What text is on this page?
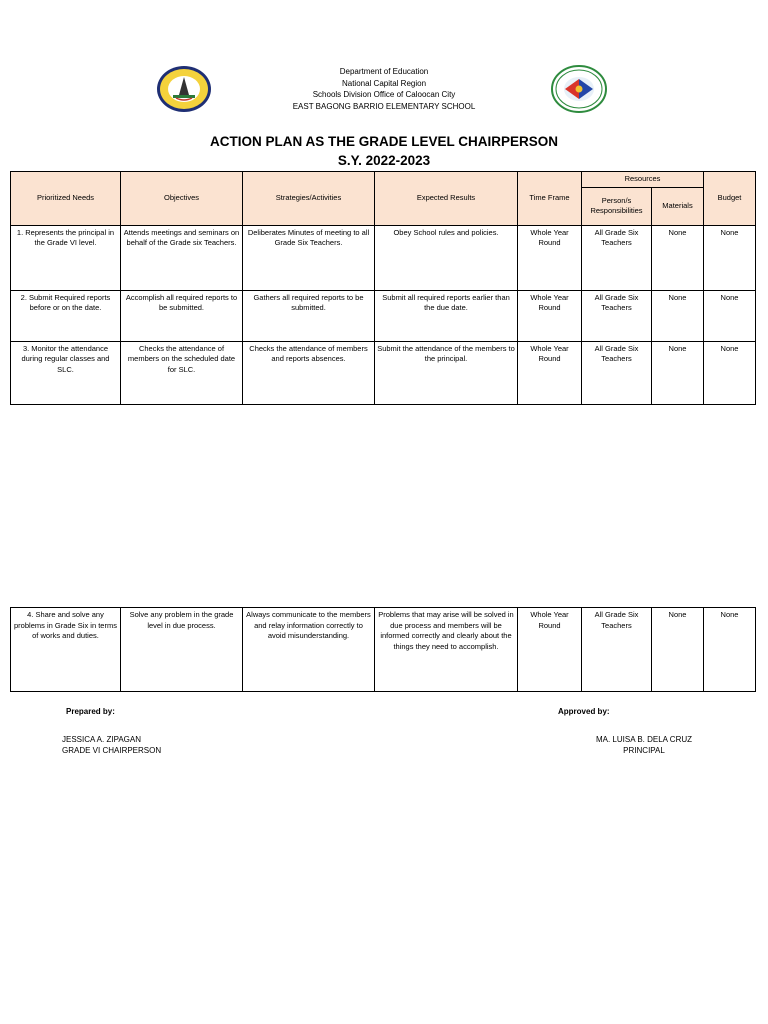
Department of Education
National Capital Region
Schools Division Office of Caloocan City
EAST BAGONG BARRIO ELEMENTARY SCHOOL
ACTION PLAN AS THE GRADE LEVEL CHAIRPERSON
S.Y. 2022-2023
Prioritized Needs	Objectives	Strategies/Activities	Expected Results	Time Frame	Resources		Budget
					Person/s Responsibilities	Materials	
1. Represents the principal in the Grade VI level.	Attends meetings and seminars on behalf of the Grade six Teachers.	Deliberates Minutes of meeting to all Grade Six Teachers.	Obey School rules and policies.	Whole Year Round	All Grade Six Teachers	None	None
2. Submit Required reports before or on the date.	Accomplish all required reports to be submitted.	Gathers all required reports to be submitted.	Submit all required reports earlier than the due date.	Whole Year Round	All Grade Six Teachers	None	None
3. Monitor the attendance during regular classes and SLC.	Checks the attendance of members on the scheduled date for SLC.	Checks the attendance of members and reports absences.	Submit the attendance of the members to the principal.	Whole Year Round	All Grade Six Teachers	None	None
4. Share and solve any problems in Grade Six in terms of works and duties.	Solve any problem in the grade level in due process.	Always communicate to the members and relay information correctly to avoid misunderstanding.	Problems that may arise will be solved in due process and members will be informed correctly and clearly about the things they need to accomplish.	Whole Year Round	All Grade Six Teachers	None	None
Prepared by:
JESSICA A. ZIPAGAN
GRADE VI CHAIRPERSON
Approved by:
MA. LUISA B. DELA CRUZ
PRINCIPAL
